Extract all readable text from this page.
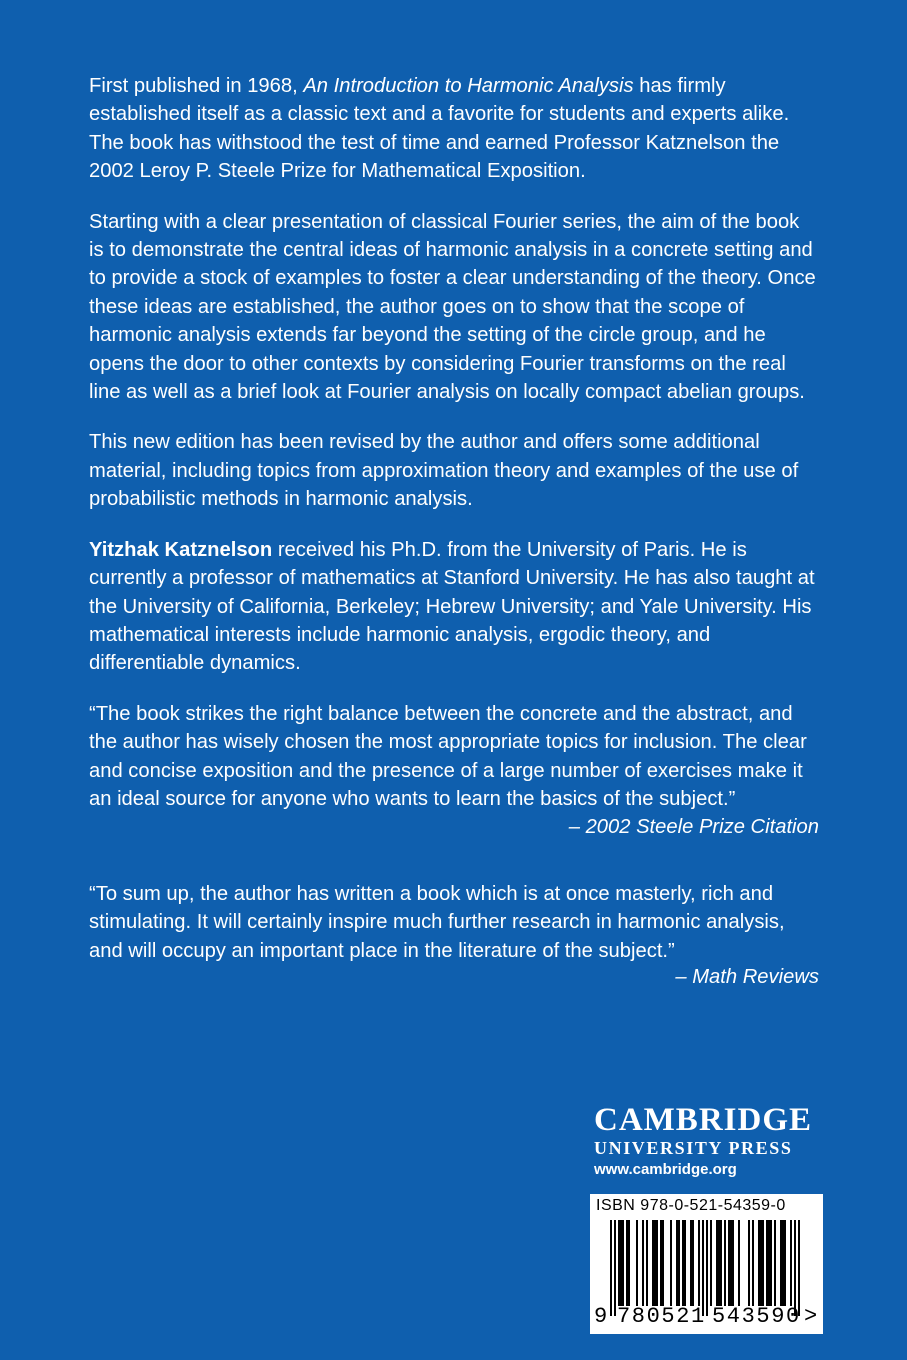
First published in 1968, An Introduction to Harmonic Analysis has firmly established itself as a classic text and a favorite for students and experts alike. The book has withstood the test of time and earned Professor Katznelson the 2002 Leroy P. Steele Prize for Mathematical Exposition.

Starting with a clear presentation of classical Fourier series, the aim of the book is to demonstrate the central ideas of harmonic analysis in a concrete setting and to provide a stock of examples to foster a clear understanding of the theory. Once these ideas are established, the author goes on to show that the scope of harmonic analysis extends far beyond the setting of the circle group, and he opens the door to other contexts by considering Fourier transforms on the real line as well as a brief look at Fourier analysis on locally compact abelian groups.

This new edition has been revised by the author and offers some additional material, including topics from approximation theory and examples of the use of probabilistic methods in harmonic analysis.

Yitzhak Katznelson received his Ph.D. from the University of Paris. He is currently a professor of mathematics at Stanford University. He has also taught at the University of California, Berkeley; Hebrew University; and Yale University. His mathematical interests include harmonic analysis, ergodic theory, and differentiable dynamics.

“The book strikes the right balance between the concrete and the abstract, and the author has wisely chosen the most appropriate topics for inclusion. The clear and concise exposition and the presence of a large number of exercises make it an ideal source for anyone who wants to learn the basics of the subject.”

– 2002 Steele Prize Citation

“To sum up, the author has written a book which is at once masterly, rich and stimulating. It will certainly inspire much further research in harmonic analysis, and will occupy an important place in the literature of the subject.”

– Math Reviews

CAMBRIDGE
UNIVERSITY PRESS
www.cambridge.org
ISBN 978-0-521-54359-0
9 780521 543590 >
